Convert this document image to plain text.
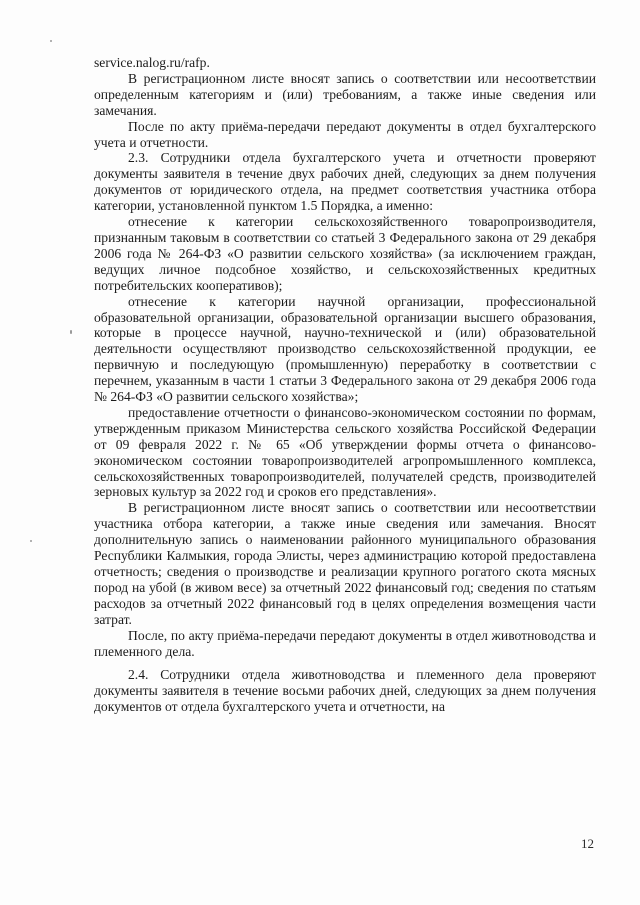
service.nalog.ru/rafp.

В регистрационном листе вносят запись о соответствии или несоответствии определенным категориям и (или) требованиям, а также иные сведения или замечания.

После по акту приёма-передачи передают документы в отдел бухгалтерского учета и отчетности.

2.3. Сотрудники отдела бухгалтерского учета и отчетности проверяют документы заявителя в течение двух рабочих дней, следующих за днем получения документов от юридического отдела, на предмет соответствия участника отбора категории, установленной пунктом 1.5 Порядка, а именно:

отнесение к категории сельскохозяйственного товаропроизводителя, признанным таковым в соответствии со статьей 3 Федерального закона от 29 декабря 2006 года № 264-ФЗ «О развитии сельского хозяйства» (за исключением граждан, ведущих личное подсобное хозяйство, и сельскохозяйственных кредитных потребительских кооперативов);

отнесение к категории научной организации, профессиональной образовательной организации, образовательной организации высшего образования, которые в процессе научной, научно-технической и (или) образовательной деятельности осуществляют производство сельскохозяйственной продукции, ее первичную и последующую (промышленную) переработку в соответствии с перечнем, указанным в части 1 статьи 3 Федерального закона от 29 декабря 2006 года № 264-ФЗ «О развитии сельского хозяйства»;

предоставление отчетности о финансово-экономическом состоянии по формам, утвержденным приказом Министерства сельского хозяйства Российской Федерации от 09 февраля 2022 г. № 65 «Об утверждении формы отчета о финансово-экономическом состоянии товаропроизводителей агропромышленного комплекса, сельскохозяйственных товаропроизводителей, получателей средств, производителей зерновых культур за 2022 год и сроков его представления».

В регистрационном листе вносят запись о соответствии или несоответствии участника отбора категории, а также иные сведения или замечания. Вносят дополнительную запись о наименовании районного муниципального образования Республики Калмыкия, города Элисты, через администрацию которой предоставлена отчетность; сведения о производстве и реализации крупного рогатого скота мясных пород на убой (в живом весе) за отчетный 2022 финансовый год; сведения по статьям расходов за отчетный 2022 финансовый год в целях определения возмещения части затрат.

После, по акту приёма-передачи передают документы в отдел животноводства и племенного дела.

2.4. Сотрудники отдела животноводства и племенного дела проверяют документы заявителя в течение восьми рабочих дней, следующих за днем получения документов от отдела бухгалтерского учета и отчетности, на

12
